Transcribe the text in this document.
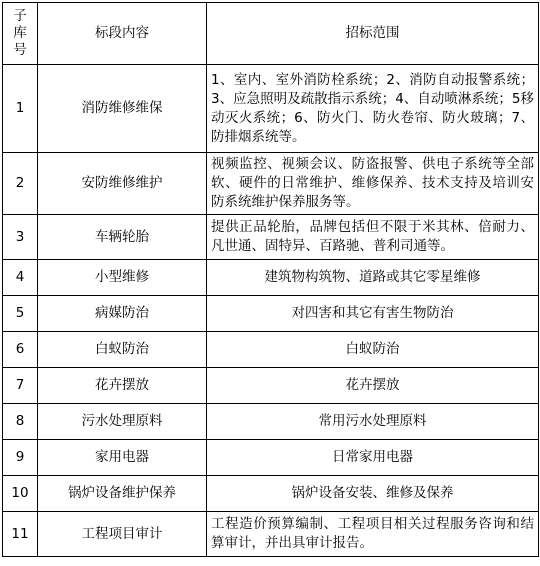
子库号	标段内容	招标范围
1	消防维修维保	1、室内、室外消防栓系统；2、消防自动报警系统；3、应急照明及疏散指示系统；4、自动喷淋系统；5移动灭火系统；6、防火门、防火卷帘、防火玻璃；7、防排烟系统等。
2	安防维修维护	视频监控、视频会议、防盗报警、供电子系统等全部软、硬件的日常维护、维修保养、技术支持及培训安防系统维护保养服务等。
3	车辆轮胎	提供正品轮胎，品牌包括但不限于米其林、倍耐力、凡世通、固特异、百路驰、普利司通等。
4	小型维修	建筑物构筑物、道路或其它零星维修
5	病媒防治	对四害和其它有害生物防治
6	白蚁防治	白蚁防治
7	花卉摆放	花卉摆放
8	污水处理原料	常用污水处理原料
9	家用电器	日常家用电器
10	锅炉设备维护保养	锅炉设备安装、维修及保养
11	工程项目审计	工程造价预算编制、工程项目相关过程服务咨询和结算审计，并出具审计报告。
